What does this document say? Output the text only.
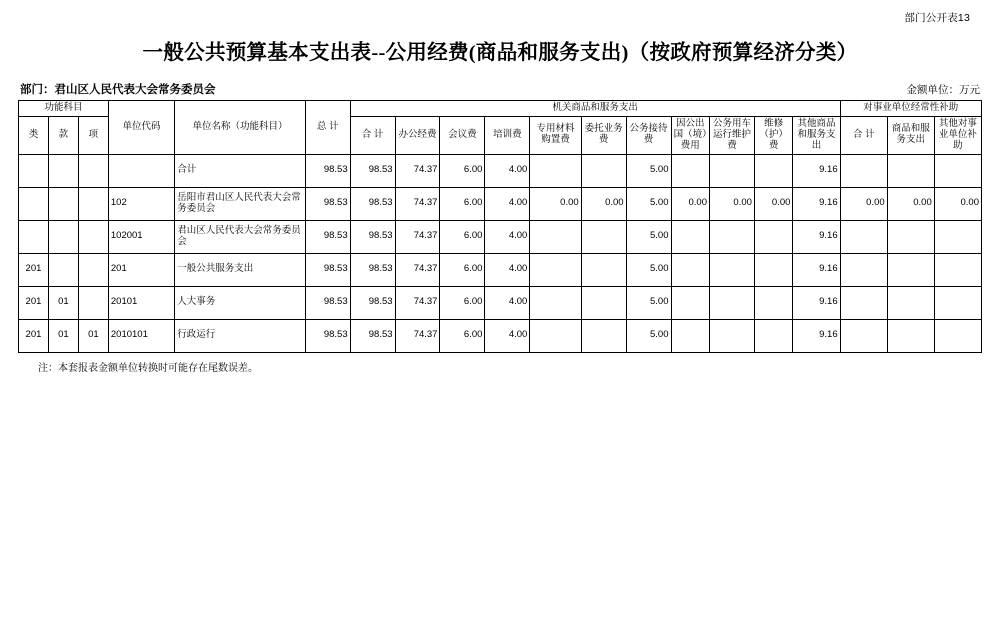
部门公开表13
一般公共预算基本支出表--公用经费(商品和服务支出)（按政府预算经济分类）
部门：君山区人民代表大会常务委员会	金额单位：万元
功能科目			单位代码	单位名称（功能科目）	总 计	机关商品和服务支出											对事业单位经常性补助		
						合 计	办公经费	会议费	培训费	专用材料购置费	委托业务费	公务接待费	因公出国（境）费用	公务用车运行维护费	维修（护）费	其他商品和服务支出	合 计	商品和服务支出	其他对事业单位补助
类	款	项																	
				合计	98.53	98.53	74.37	6.00	4.00			5.00				9.16			
			102	岳阳市君山区人民代表大会常务委员会	98.53	98.53	74.37	6.00	4.00	0.00	0.00	5.00	0.00	0.00	0.00	9.16	0.00	0.00	0.00
			102001	君山区人民代表大会常务委员会	98.53	98.53	74.37	6.00	4.00			5.00				9.16			
201			201	一般公共服务支出	98.53	98.53	74.37	6.00	4.00			5.00				9.16			
201	01		20101	人大事务	98.53	98.53	74.37	6.00	4.00			5.00				9.16			
201	01	01	2010101	行政运行	98.53	98.53	74.37	6.00	4.00			5.00				9.16			
注：本套报表金额单位转换时可能存在尾数误差。
